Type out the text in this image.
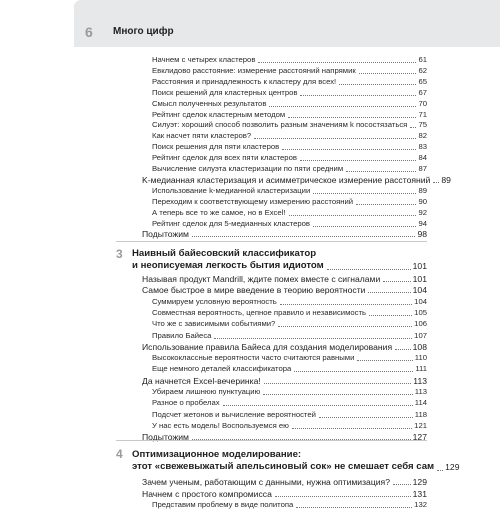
6 Много цифр
Начнем с четырех кластеров	61
Евклидово расстояние: измерение расстояний напрямик	62
Расстояния и принадлежность к кластеру для всех!	65
Поиск решений для кластерных центров	67
Смысл полученных результатов	70
Рейтинг сделок кластерным методом	71
Силуэт: хороший способ позволить разным значениям k посостязаться 75
Как насчет пяти кластеров?	82
Поиск решения для пяти кластеров	83
Рейтинг сделок для всех пяти кластеров	84
Вычисление силуэта кластеризации по пяти средним	87
K-медианная кластеризация и асимметрическое измерение расстояний 89
Использование k-медианной кластеризации	89
Переходим к соответствующему измерению расстояний	90
А теперь все то же самое, но в Excel!	92
Рейтинг сделок для 5-медианных кластеров	94
Подытожим	98
3 Наивный байесовский классификатор
и неописуемая легкость бытия идиотом	101
Называя продукт Mandrill, ждите помех вместе с сигналами	101
Самое быстрое в мире введение в теорию вероятности	104
Суммируем условную вероятность	104
Совместная вероятность, цепное правило и независимость	105
Что же с зависимыми событиями?	106
Правило Байеса	107
Использование правила Байеса для создания моделирования 108
Высококлассные вероятности часто считаются равными	110
Еще немного деталей классификатора	111
Да начнется Excel-вечеринка!	113
Убираем лишнюю пунктуацию	113
Разное о пробелах	114
Подсчет жетонов и вычисление вероятностей	118
У нас есть модель! Воспользуемся ею	121
Подытожим	127
4 Оптимизационное моделирование:
этот «свежевыжатый апельсиновый сок» не смешает себя сам 129
Зачем ученым, работающим с данными, нужна оптимизация?	129
Начнем с простого компромисса	131
Представим проблему в виде политопа	132
